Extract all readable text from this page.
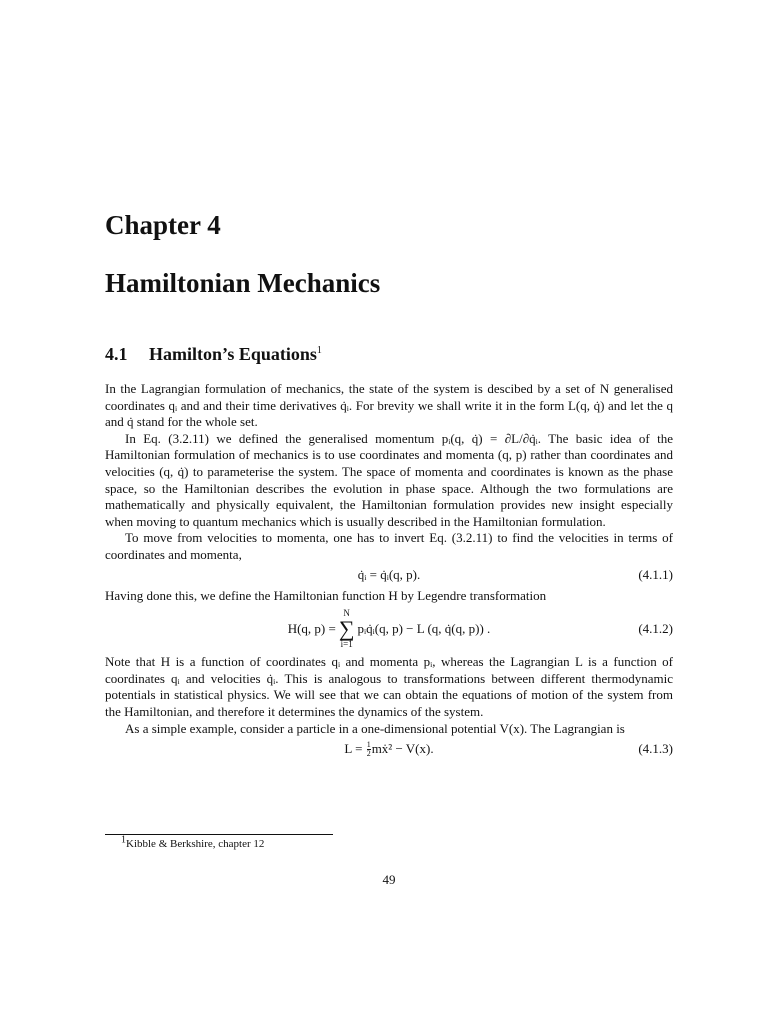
Chapter 4
Hamiltonian Mechanics
4.1 Hamilton’s Equations$^1$

In the Lagrangian formulation of mechanics, the state of the system is descibed by a set of N generalised coordinates qᵢ and and their time derivatives q̇ᵢ. For brevity we shall write it in the form L(q, q̇) and let the q and q̇ stand for the whole set.

In Eq. (3.2.11) we defined the generalised momentum pᵢ(q, q̇) = ∂L/∂q̇ᵢ. The basic idea of the Hamiltonian formulation of mechanics is to use coordinates and momenta (q, p) rather than coordinates and velocities (q, q̇) to parameterise the system. The space of momenta and coordinates is known as the phase space, so the Hamiltonian describes the evolution in phase space. Although the two formulations are mathematically and physically equivalent, the Hamiltonian formulation provides new insight especially when moving to quantum mechanics which is usually described in the Hamiltonian formulation.

To move from velocities to momenta, one has to invert Eq. (3.2.11) to find the velocities in terms of coordinates and momenta,

q̇ᵢ = q̇ᵢ(q, p).	(4.1.1)

Having done this, we define the Hamiltonian function H by Legendre transformation

H(q, p) =
N
∑
i=1
pᵢq̇ᵢ(q, p) − L (q, q̇(q, p)) .	(4.1.2)

Note that H is a function of coordinates qᵢ and momenta pᵢ, whereas the Lagrangian L is a function of coordinates qᵢ and velocities q̇ᵢ. This is analogous to transformations between different thermodynamic potentials in statistical physics. We will see that we can obtain the equations of motion of the system from the Hamiltonian, and therefore it determines the dynamics of the system.

As a simple example, consider a particle in a one-dimensional potential V(x). The Lagrangian is

L =
$\frac{1}{2}$ mẋ² − V(x).	(4.1.3)
1Kibble & Berkshire, chapter 12
49
